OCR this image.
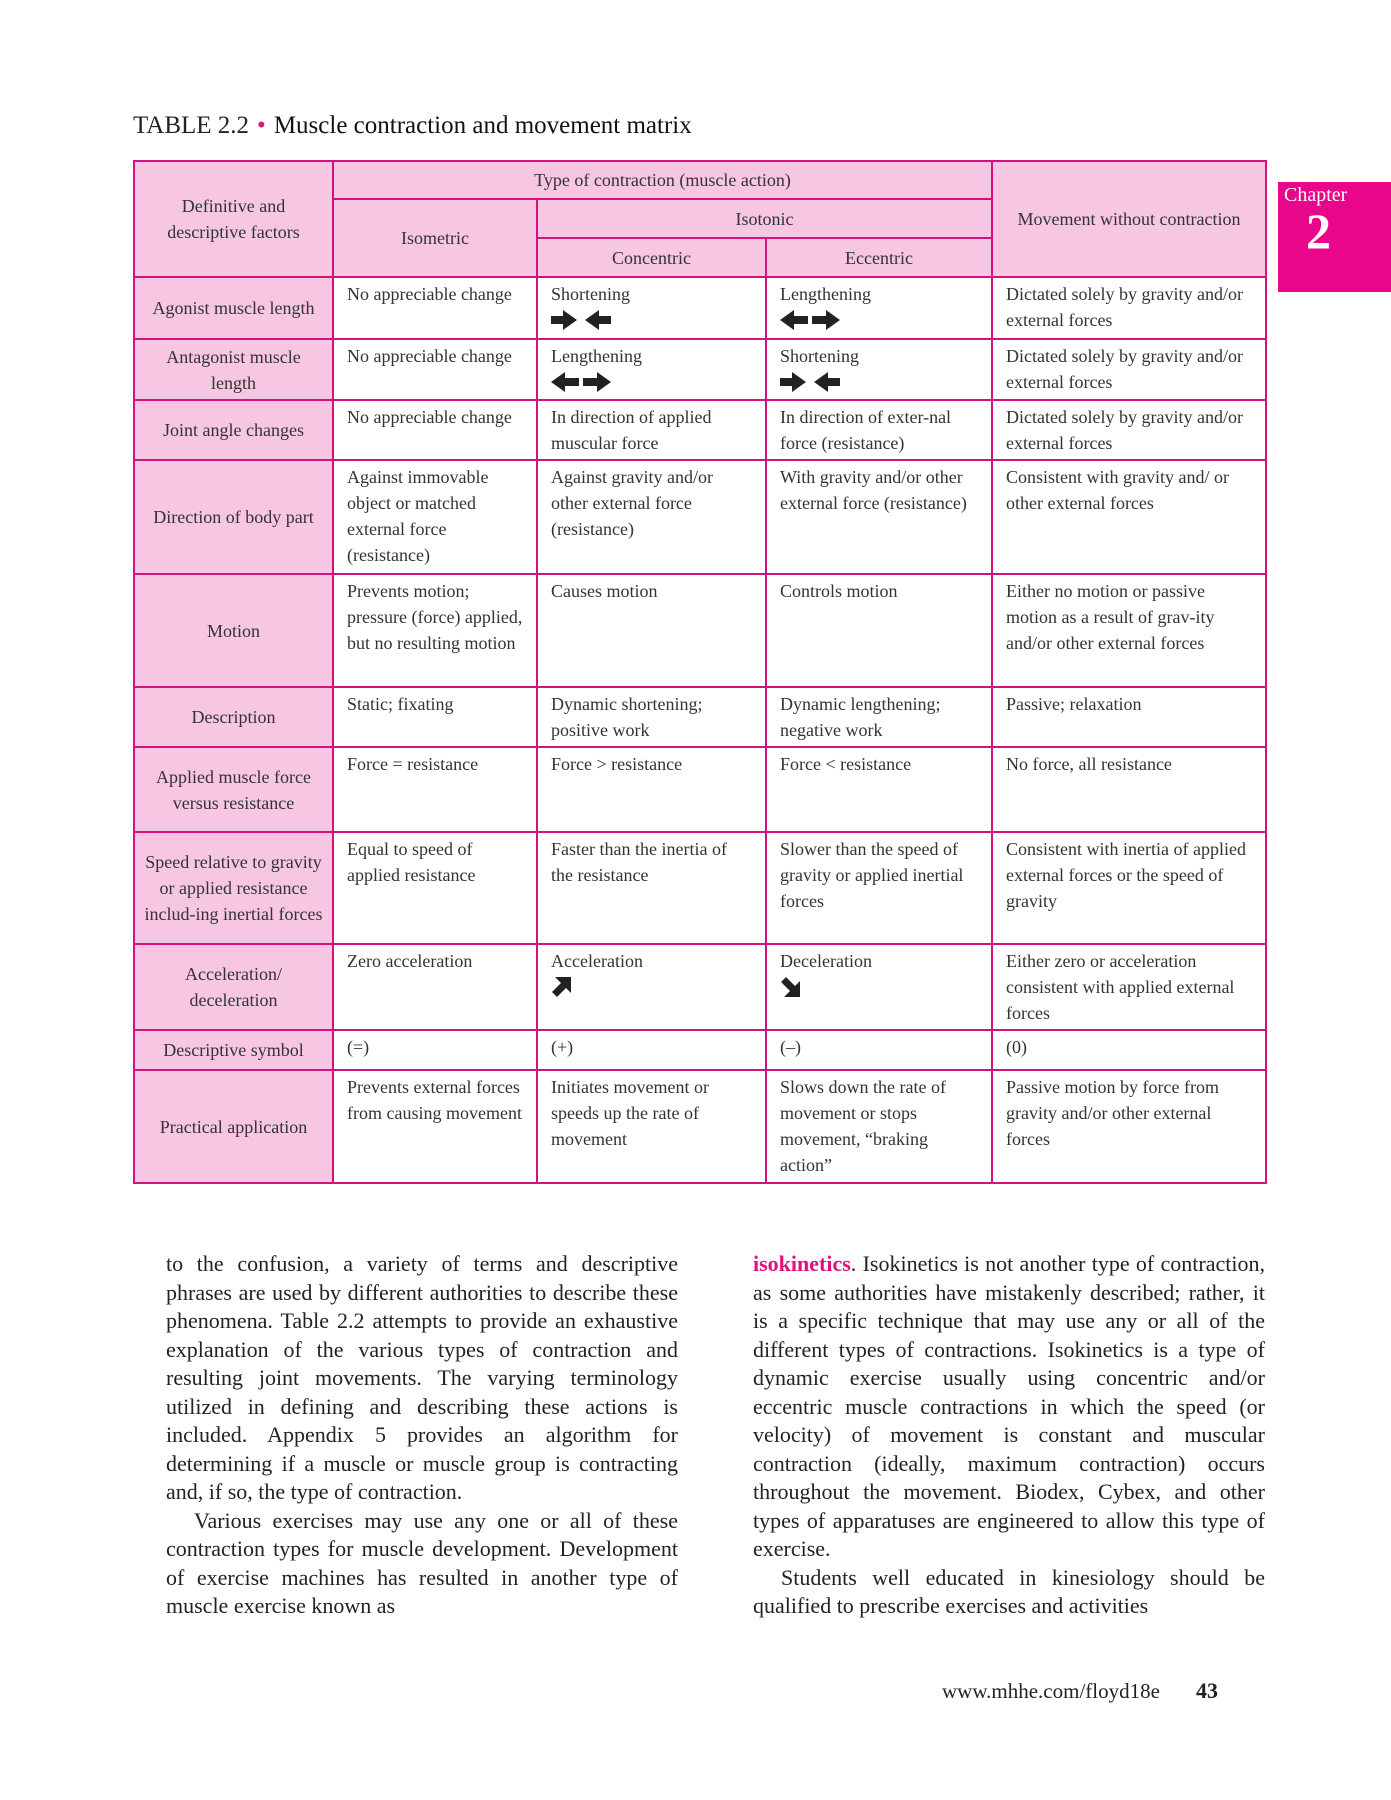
TABLE 2.2 • Muscle contraction and movement matrix
Chapter
2
Definitive and descriptive factors	Type of contraction (muscle action)			Movement without contraction
	Isometric	Isotonic		
		Concentric	Eccentric	
Agonist muscle length	No appreciable change	Shortening	Lengthening	Dictated solely by gravity and/or external forces
Antagonist muscle length	No appreciable change	Lengthening	Shortening	Dictated solely by gravity and/or external forces
Joint angle changes	No appreciable change	In direction of applied muscular force	In direction of exter-nal force (resistance)	Dictated solely by gravity and/or external forces
Direction of body part	Against immovable object or matched external force (resistance)	Against gravity and/or other external force (resistance)	With gravity and/or other external force (resistance)	Consistent with gravity and/ or other external forces
Motion	Prevents motion; pressure (force) applied, but no resulting motion	Causes motion	Controls motion	Either no motion or passive motion as a result of grav-ity and/or other external forces
Description	Static; fixating	Dynamic shortening; positive work	Dynamic lengthening; negative work	Passive; relaxation
Applied muscle force versus resistance	Force = resistance	Force > resistance	Force < resistance	No force, all resistance
Speed relative to gravity or applied resistance includ-ing inertial forces	Equal to speed of applied resistance	Faster than the inertia of the resistance	Slower than the speed of gravity or applied inertial forces	Consistent with inertia of applied external forces or the speed of gravity
Acceleration/ deceleration	Zero acceleration	Acceleration	Deceleration	Either zero or acceleration consistent with applied external forces
Descriptive symbol	(=)	(+)	(–)	(0)
Practical application	Prevents external forces from causing movement	Initiates movement or speeds up the rate of movement	Slows down the rate of movement or stops movement, “braking action”	Passive motion by force from gravity and/or other external forces

to the confusion, a variety of terms and descriptive phrases are used by different authorities to describe these phenomena. Table 2.2 attempts to provide an exhaustive explanation of the various types of contraction and resulting joint movements. The varying terminology utilized in defining and describing these actions is included. Appendix 5 provides an algorithm for determining if a muscle or muscle group is contracting and, if so, the type of contraction.

Various exercises may use any one or all of these contraction types for muscle development. Development of exercise machines has resulted in another type of muscle exercise known as

isokinetics. Isokinetics is not another type of contraction, as some authorities have mistakenly described; rather, it is a specific technique that may use any or all of the different types of contractions. Isokinetics is a type of dynamic exercise usually using concentric and/or eccentric muscle contractions in which the speed (or velocity) of movement is constant and muscular contraction (ideally, maximum contraction) occurs throughout the movement. Biodex, Cybex, and other types of apparatuses are engineered to allow this type of exercise.

Students well educated in kinesiology should be qualified to prescribe exercises and activities

www.mhhe.com/floyd18e 43
